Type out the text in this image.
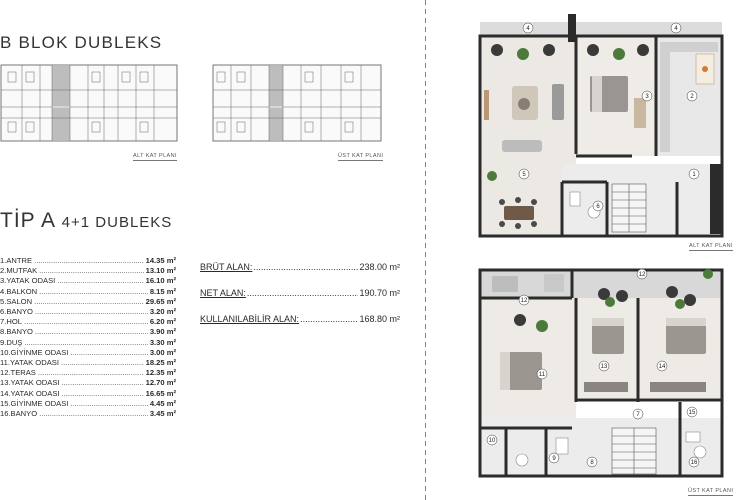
B BLOK DUBLEKS
ALT KAT PLANI	ÜST KAT PLANI
TİP A 4+1 DUBLEKS
1.ANTRE .....	14.35 m²
2.MUTFAK .....	13.10 m²
3.YATAK ODASI .....	16.10 m²
4.BALKON .....	8.15 m²
5.SALON .....	29.65 m²
6.BANYO .....	3.20 m²
7.HOL .....	6.20 m²
8.BANYO .....	3.90 m²
9.DUŞ .....	3.30 m²
10.GİYİNME ODASI .....	3.00 m²
11.YATAK ODASI .....	18.25 m²
12.TERAS .....	12.35 m²
13.YATAK ODASI .....	12.70 m²
14.YATAK ODASI .....	16.65 m²
15.GİYİNME ODASI .....	4.45 m²
16.BANYO .....	3.45 m²
BRÜT ALAN: .....	238.00 m²
NET ALAN: .....	190.70 m²
KULLANILABİLİR ALAN: .....	168.80 m²
1
2
3
4	4
5
6
ALT KAT PLANI
7
8
9
10
11
12
12
13	14
15
16
ÜST KAT PLANI
